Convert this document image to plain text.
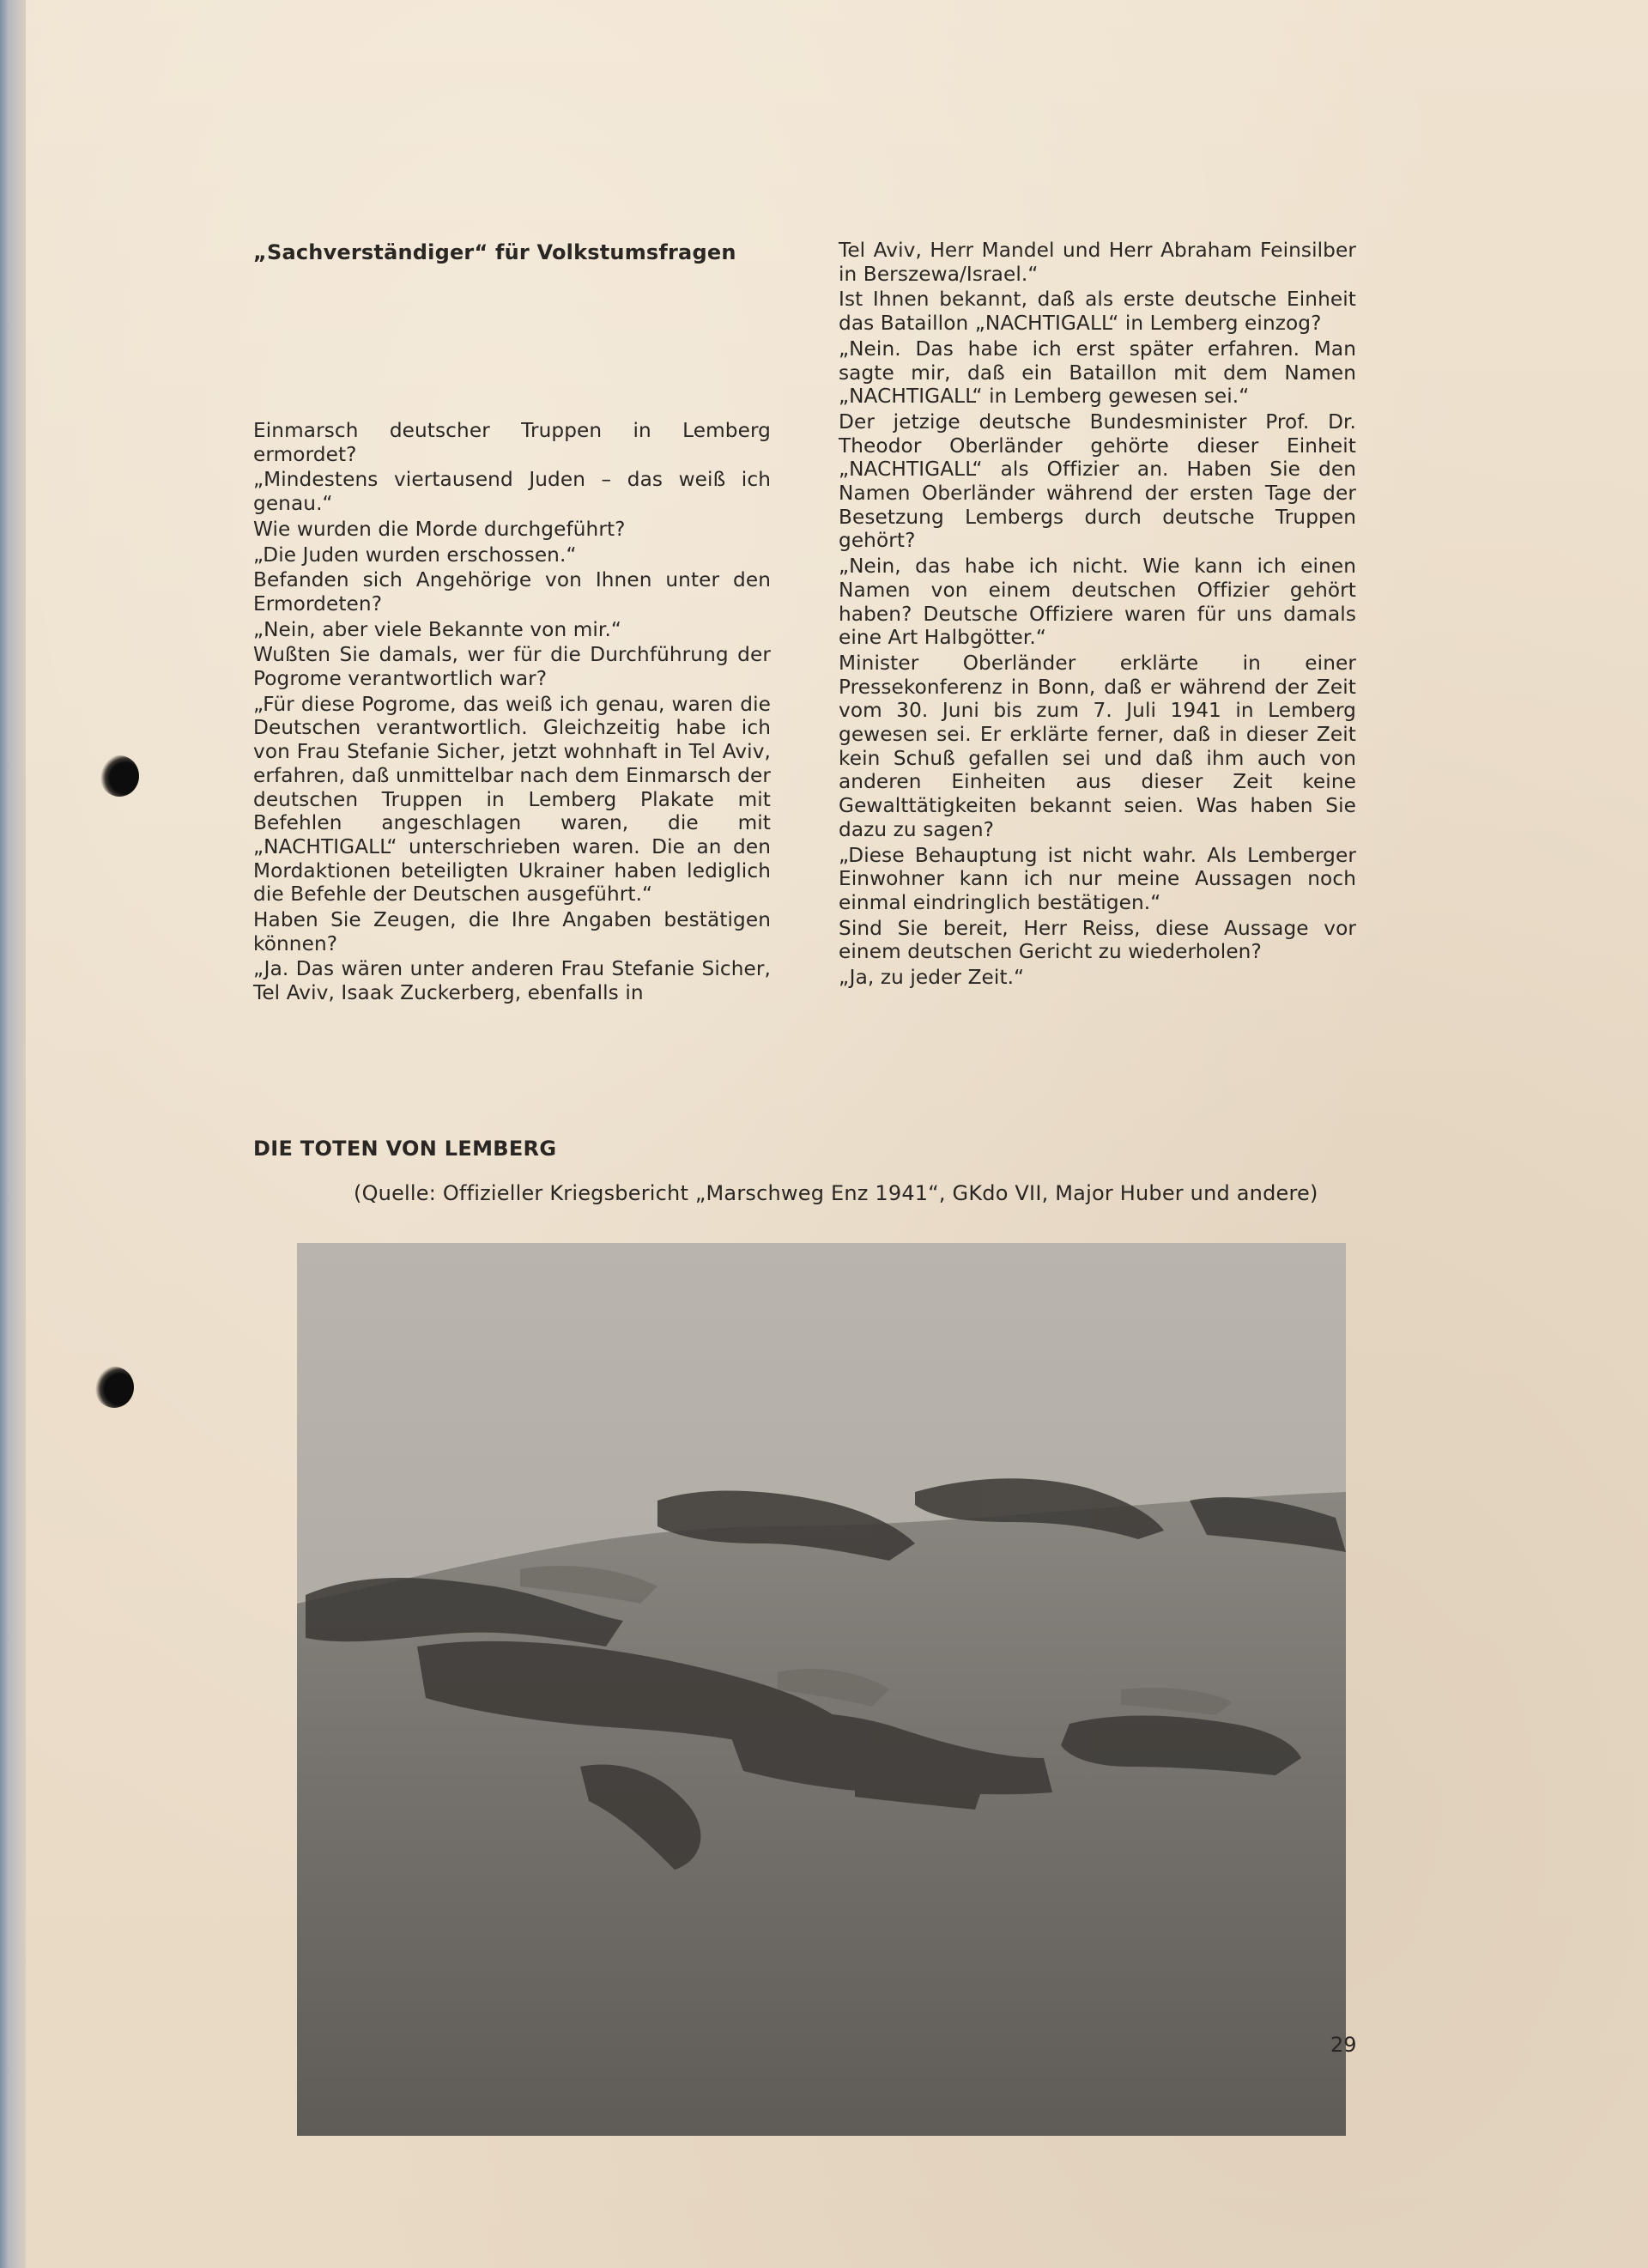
„Sachverständiger“ für Volkstumsfragen

Einmarsch deutscher Truppen in Lemberg ermordet?

„Mindestens viertausend Juden – das weiß ich genau.“

Wie wurden die Morde durchgeführt?

„Die Juden wurden erschossen.“

Befanden sich Angehörige von Ihnen unter den Ermordeten?

„Nein, aber viele Bekannte von mir.“

Wußten Sie damals, wer für die Durchführung der Pogrome verantwortlich war?

„Für diese Pogrome, das weiß ich genau, waren die Deutschen verantwortlich. Gleichzeitig habe ich von Frau Stefanie Sicher, jetzt wohnhaft in Tel Aviv, erfahren, daß unmittelbar nach dem Einmarsch der deutschen Truppen in Lemberg Plakate mit Befehlen angeschlagen waren, die mit „NACHTIGALL“ unterschrieben waren. Die an den Mordaktionen beteiligten Ukrainer haben lediglich die Befehle der Deutschen ausgeführt.“

Haben Sie Zeugen, die Ihre Angaben bestätigen können?

„Ja. Das wären unter anderen Frau Stefanie Sicher, Tel Aviv, Isaak Zuckerberg, ebenfalls in

Tel Aviv, Herr Mandel und Herr Abraham Feinsilber in Berszewa/Israel.“

Ist Ihnen bekannt, daß als erste deutsche Einheit das Bataillon „NACHTIGALL“ in Lemberg einzog?

„Nein. Das habe ich erst später erfahren. Man sagte mir, daß ein Bataillon mit dem Namen „NACHTIGALL“ in Lemberg gewesen sei.“

Der jetzige deutsche Bundesminister Prof. Dr. Theodor Oberländer gehörte dieser Einheit „NACHTIGALL“ als Offizier an. Haben Sie den Namen Oberländer während der ersten Tage der Besetzung Lembergs durch deutsche Truppen gehört?

„Nein, das habe ich nicht. Wie kann ich einen Namen von einem deutschen Offizier gehört haben? Deutsche Offiziere waren für uns damals eine Art Halbgötter.“

Minister Oberländer erklärte in einer Pressekonferenz in Bonn, daß er während der Zeit vom 30. Juni bis zum 7. Juli 1941 in Lemberg gewesen sei. Er erklärte ferner, daß in dieser Zeit kein Schuß gefallen sei und daß ihm auch von anderen Einheiten aus dieser Zeit keine Gewalttätigkeiten bekannt seien. Was haben Sie dazu zu sagen?

„Diese Behauptung ist nicht wahr. Als Lemberger Einwohner kann ich nur meine Aussagen noch einmal eindringlich bestätigen.“

Sind Sie bereit, Herr Reiss, diese Aussage vor einem deutschen Gericht zu wiederholen?

„Ja, zu jeder Zeit.“

DIE TOTEN VON LEMBERG

(Quelle: Offizieller Kriegsbericht „Marschweg Enz 1941“, GKdo VII, Major Huber und andere)

29
